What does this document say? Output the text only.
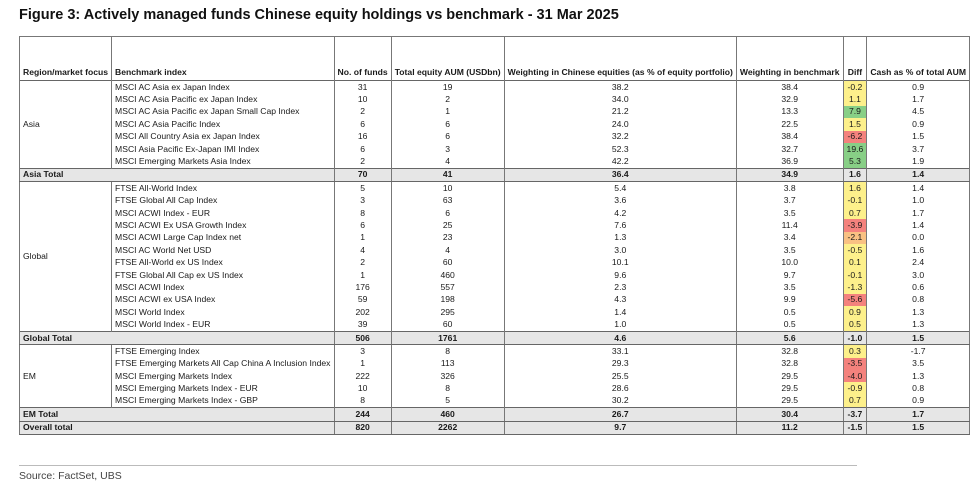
Figure 3: Actively managed funds Chinese equity holdings vs benchmark - 31 Mar 2025
Region/market focus	Benchmark index	No. of funds	Total equity AUM (USDbn)	Weighting in Chinese equities (as % of equity portfolio)	Weighting in benchmark	Diff	Cash as % of total AUM
Asia	MSCI AC Asia ex Japan Index	31	19	38.2	38.4	-0.2	0.9
	MSCI AC Asia Pacific ex Japan Index	10	2	34.0	32.9	1.1	1.7
	MSCI AC Asia Pacific ex Japan Small Cap Index	2	1	21.2	13.3	7.9	4.5
	MSCI AC Asia Pacific Index	6	6	24.0	22.5	1.5	0.9
	MSCI All Country Asia ex Japan Index	16	6	32.2	38.4	-6.2	1.5
	MSCI Asia Pacific Ex-Japan IMI Index	6	3	52.3	32.7	19.6	3.7
	MSCI Emerging Markets Asia Index	2	4	42.2	36.9	5.3	1.9
Asia Total		70	41	36.4	34.9	1.6	1.4
Global	FTSE All-World Index	5	10	5.4	3.8	1.6	1.4
	FTSE Global All Cap Index	3	63	3.6	3.7	-0.1	1.0
	MSCI ACWI Index - EUR	8	6	4.2	3.5	0.7	1.7
	MSCI ACWI Ex USA Growth Index	6	25	7.6	11.4	-3.9	1.4
	MSCI ACWI Large Cap Index net	1	23	1.3	3.4	-2.1	0.0
	MSCI AC World Net USD	4	4	3.0	3.5	-0.5	1.6
	FTSE All-World ex US Index	2	60	10.1	10.0	0.1	2.4
	FTSE Global All Cap ex US Index	1	460	9.6	9.7	-0.1	3.0
	MSCI ACWI Index	176	557	2.3	3.5	-1.3	0.6
	MSCI ACWI ex USA Index	59	198	4.3	9.9	-5.6	0.8
	MSCI World Index	202	295	1.4	0.5	0.9	1.3
	MSCI World Index - EUR	39	60	1.0	0.5	0.5	1.3
Global Total		506	1761	4.6	5.6	-1.0	1.5
EM	FTSE Emerging Index	3	8	33.1	32.8	0.3	-1.7
	FTSE Emerging Markets All Cap China A Inclusion Index	1	113	29.3	32.8	-3.5	3.5
	MSCI Emerging Markets Index	222	326	25.5	29.5	-4.0	1.3
	MSCI Emerging Markets Index - EUR	10	8	28.6	29.5	-0.9	0.8
	MSCI Emerging Markets Index - GBP	8	5	30.2	29.5	0.7	0.9
EM Total		244	460	26.7	30.4	-3.7	1.7
Overall total		820	2262	9.7	11.2	-1.5	1.5
Source: FactSet, UBS
